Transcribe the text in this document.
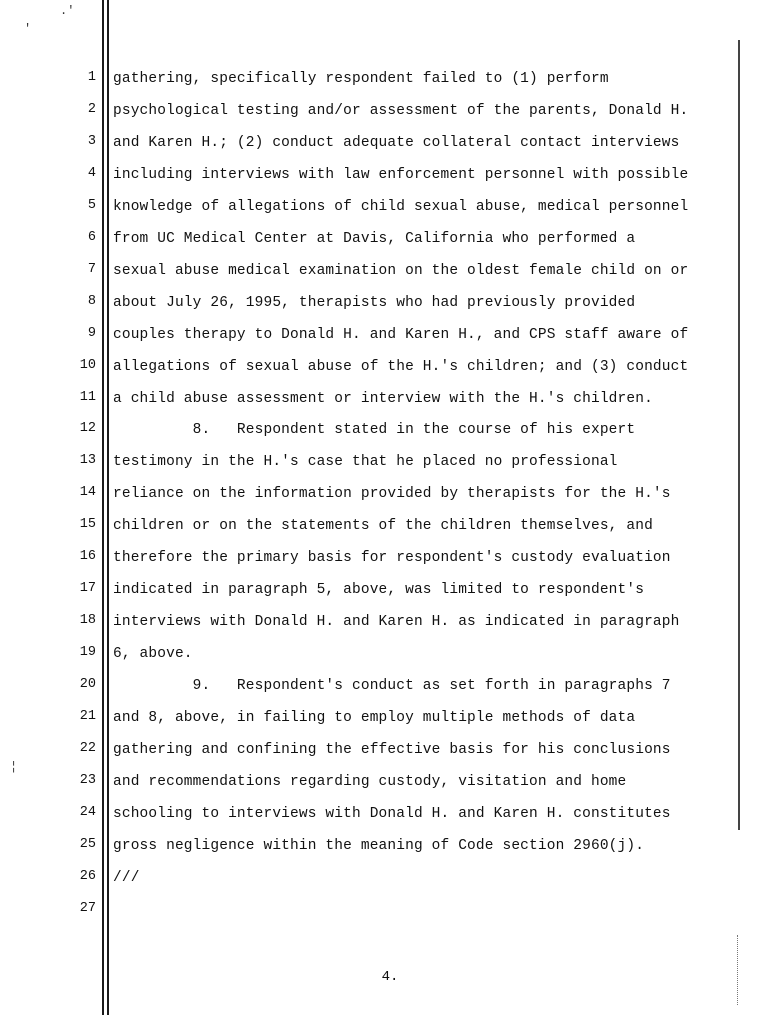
.′
′
¦
1 gathering, specifically respondent failed to (1) perform
2 psychological testing and/or assessment of the parents, Donald H.
3 and Karen H.; (2) conduct adequate collateral contact interviews
4 including interviews with law enforcement personnel with possible
5 knowledge of allegations of child sexual abuse, medical personnel
6 from UC Medical Center at Davis, California who performed a
7 sexual abuse medical examination on the oldest female child on or
8 about July 26, 1995, therapists who had previously provided
9 couples therapy to Donald H. and Karen H., and CPS staff aware of
10 allegations of sexual abuse of the H.'s children; and (3) conduct
11 a child abuse assessment or interview with the H.'s children.
12 8.   Respondent stated in the course of his expert
13 testimony in the H.'s case that he placed no professional
14 reliance on the information provided by therapists for the H.'s
15 children or on the statements of the children themselves, and
16 therefore the primary basis for respondent's custody evaluation
17 indicated in paragraph 5, above, was limited to respondent's
18 interviews with Donald H. and Karen H. as indicated in paragraph
19 6, above.
20 9.   Respondent's conduct as set forth in paragraphs 7
21 and 8, above, in failing to employ multiple methods of data
22 gathering and confining the effective basis for his conclusions
23 and recommendations regarding custody, visitation and home
24 schooling to interviews with Donald H. and Karen H. constitutes
25 gross negligence within the meaning of Code section 2960(j).
26 ///
27
4.
